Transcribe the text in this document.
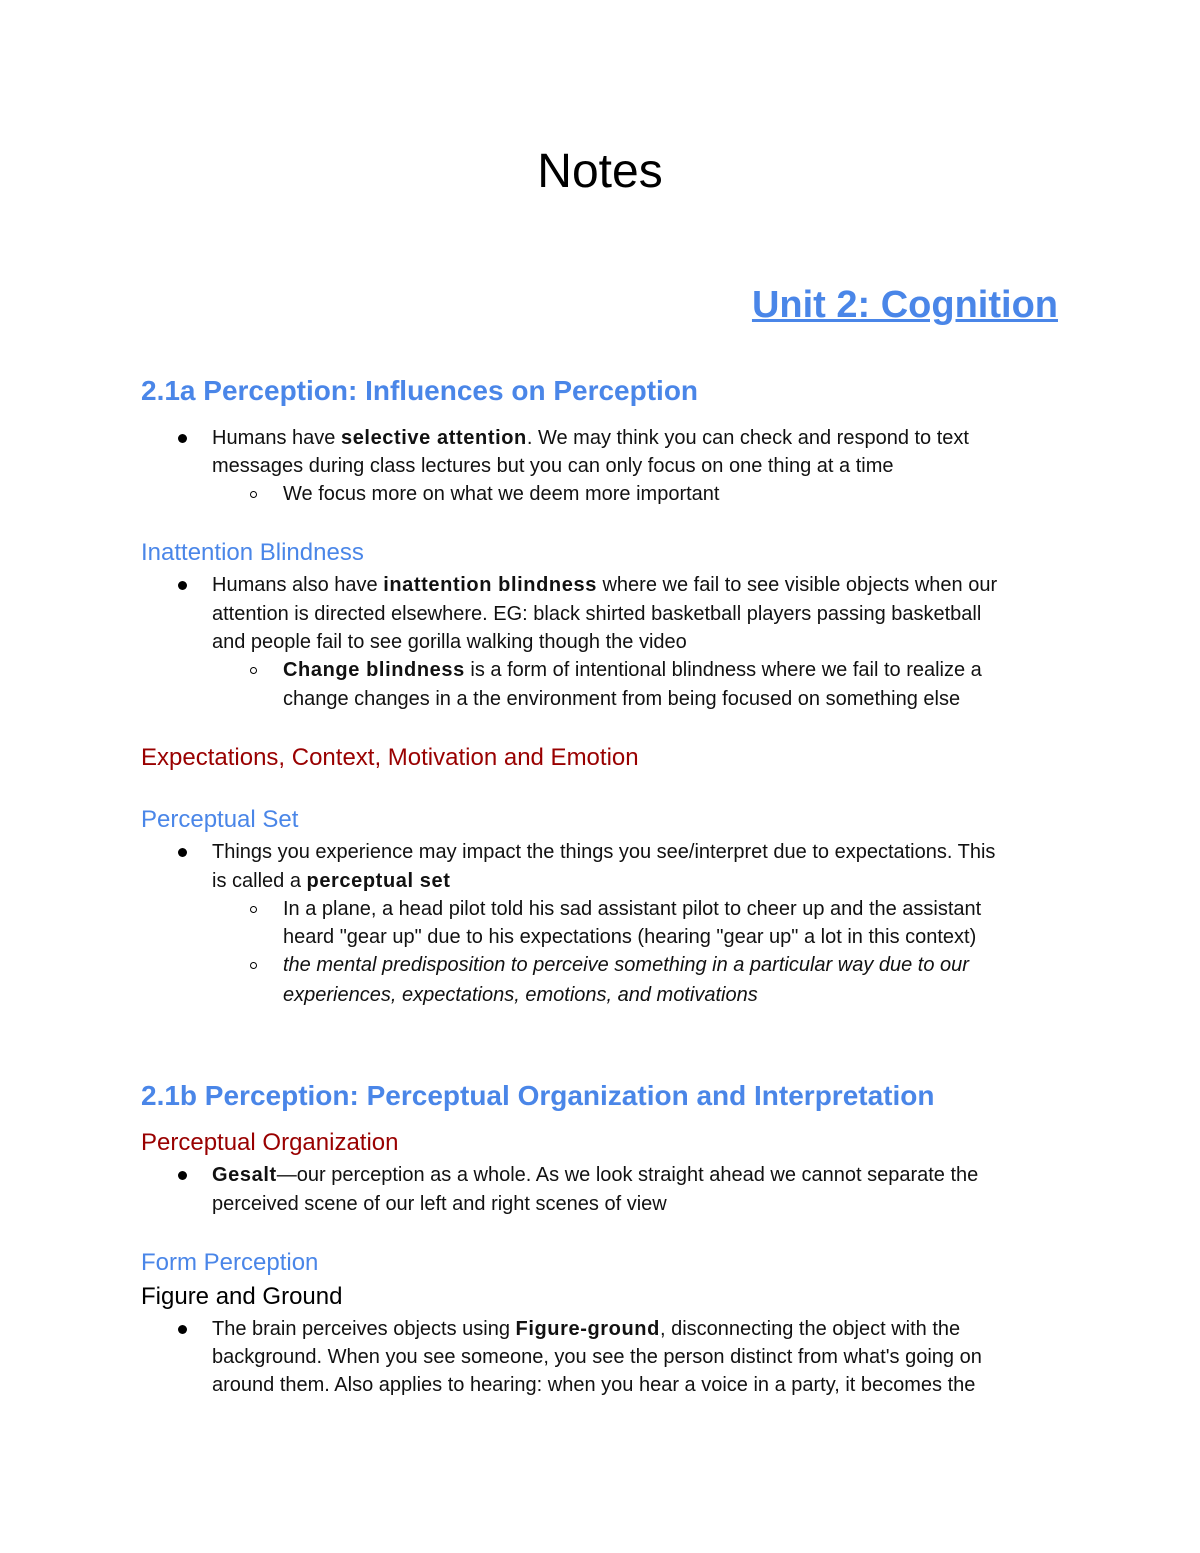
Notes
Unit 2: Cognition
2.1a Perception: Influences on Perception
Humans have selective attention. We may think you can check and respond to text
messages during class lectures but you can only focus on one thing at a time
We focus more on what we deem more important
Inattention Blindness
Humans also have inattention blindness where we fail to see visible objects when our
attention is directed elsewhere. EG: black shirted basketball players passing basketball
and people fail to see gorilla walking though the video
Change blindness is a form of intentional blindness where we fail to realize a
change changes in a the environment from being focused on something else
Expectations, Context, Motivation and Emotion
Perceptual Set
Things you experience may impact the things you see/interpret due to expectations. This
is called a perceptual set
In a plane, a head pilot told his sad assistant pilot to cheer up and the assistant
heard "gear up" due to his expectations (hearing "gear up" a lot in this context)
the mental predisposition to perceive something in a particular way due to our
experiences, expectations, emotions, and motivations
2.1b Perception: Perceptual Organization and Interpretation
Perceptual Organization
Gesalt—our perception as a whole. As we look straight ahead we cannot separate the
perceived scene of our left and right scenes of view
Form Perception
Figure and Ground
The brain perceives objects using Figure-ground, disconnecting the object with the
background. When you see someone, you see the person distinct from what's going on
around them. Also applies to hearing: when you hear a voice in a party, it becomes the
